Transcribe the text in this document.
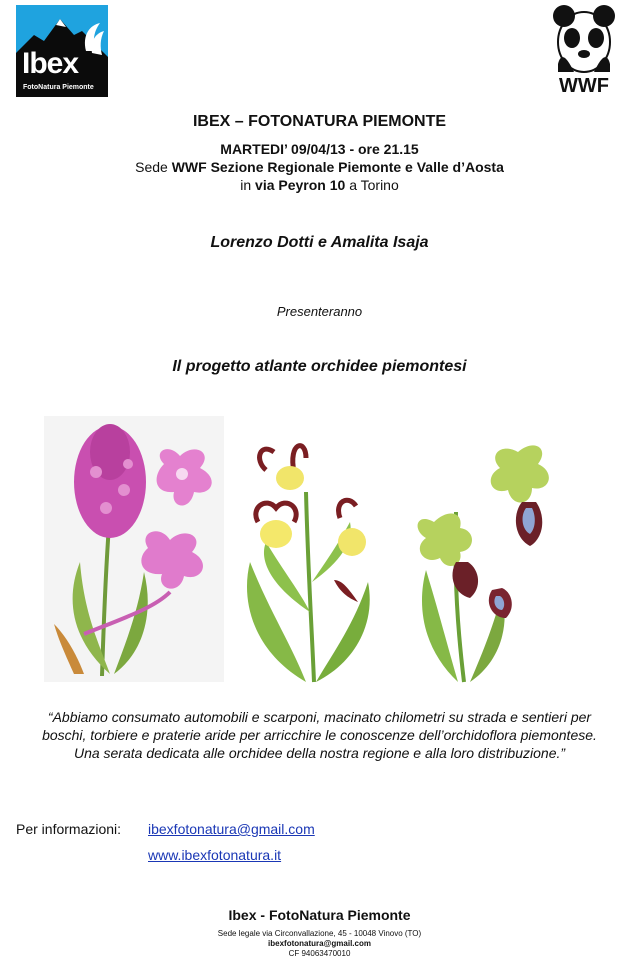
Ibex
FotoNatura Piemonte	WWF
IBEX – FOTONATURA PIEMONTE
MARTEDI’ 09/04/13 - ore 21.15
Sede WWF Sezione Regionale Piemonte e Valle d’Aosta
in via Peyron 10 a Torino
Lorenzo Dotti e Amalita Isaja
Presenteranno
Il progetto atlante orchidee piemontesi
“Abbiamo consumato automobili e scarponi, macinato chilometri su strada e sentieri per
boschi, torbiere e praterie aride per arricchire le conoscenze dell’orchidoflora piemontese.
Una serata dedicata alle orchidee della nostra regione e alla loro distribuzione.”
Per informazioni: ibexfotonatura@gmail.com
www.ibexfotonatura.it
Ibex - FotoNatura Piemonte
Sede legale via Circonvallazione, 45 - 10048 Vinovo (TO)
ibexfotonatura@gmail.com
CF 94063470010
